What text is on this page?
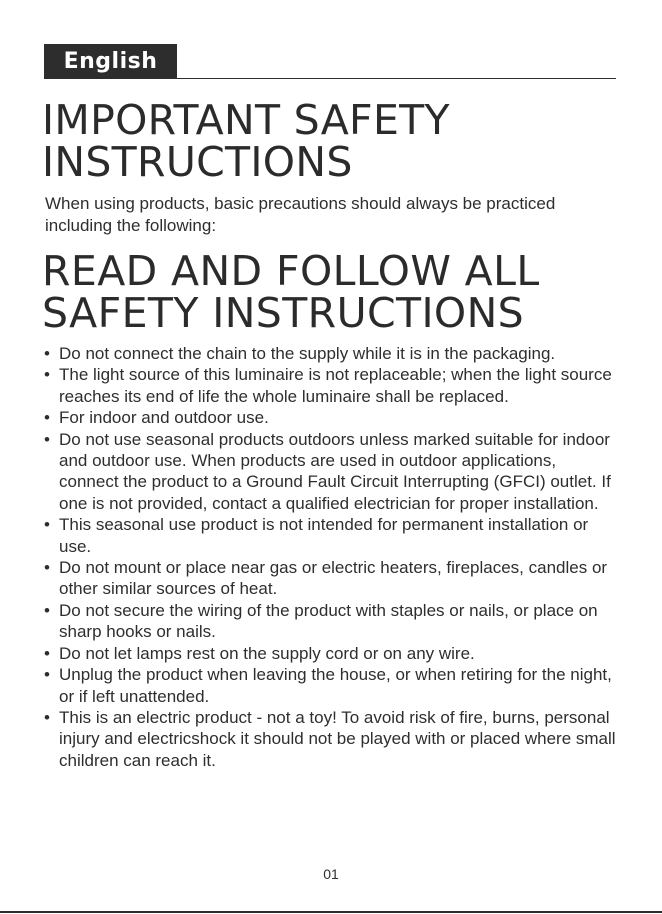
English
IMPORTANT SAFETY INSTRUCTIONS

When using products, basic precautions should always be practiced including the following:

READ AND FOLLOW ALL SAFETY INSTRUCTIONS
• Do not connect the chain to the supply while it is in the packaging.
• The light source of this luminaire is not replaceable; when the light source reaches its end of life the whole luminaire shall be replaced.
• For indoor and outdoor use.
• Do not use seasonal products outdoors unless marked suitable for indoor and outdoor use. When products are used in outdoor applications, connect the product to a Ground Fault Circuit Interrupting (GFCI) outlet. If one is not provided, contact a qualified electrician for proper installation.
• This seasonal use product is not intended for permanent installation or use.
• Do not mount or place near gas or electric heaters, fireplaces, candles or other similar sources of heat.
• Do not secure the wiring of the product with staples or nails, or place on sharp hooks or nails.
• Do not let lamps rest on the supply cord or on any wire.
• Unplug the product when leaving the house, or when retiring for the night, or if left unattended.
• This is an electric product - not a toy! To avoid risk of fire, burns, personal injury and electricshock it should not be played with or placed where small children can reach it.
01
